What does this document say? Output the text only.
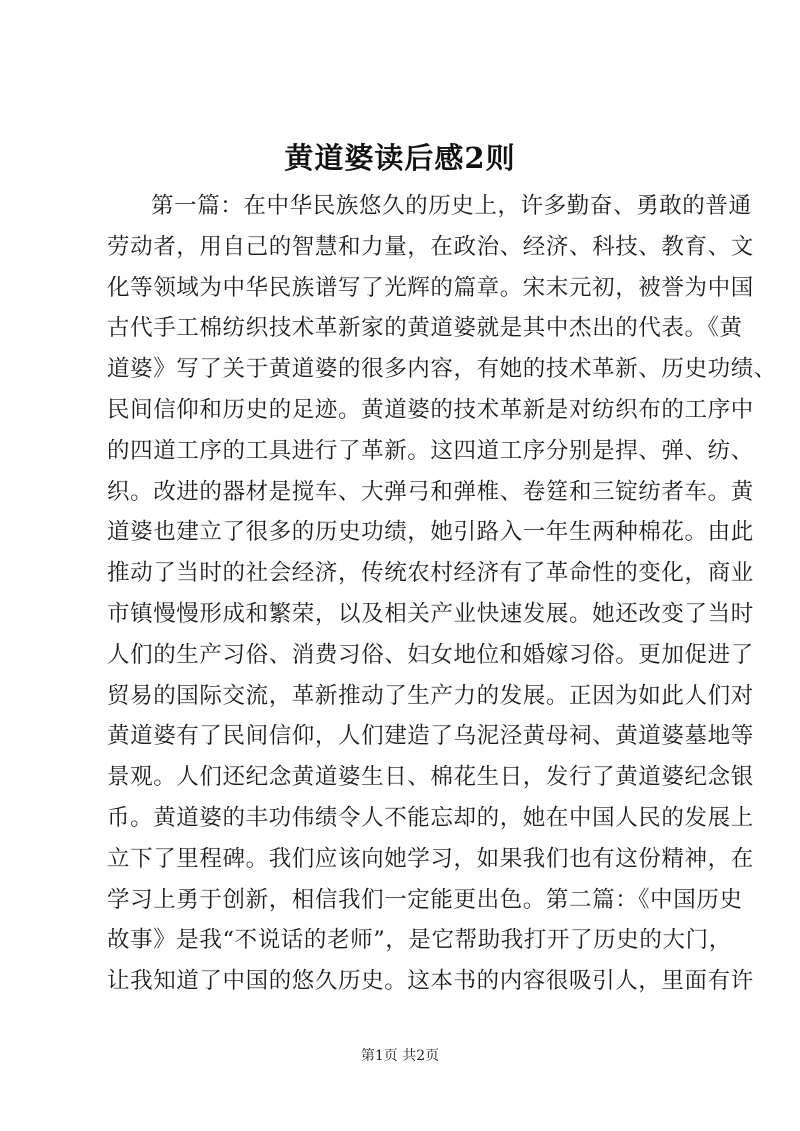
黄道婆读后感2则
第一篇：在中华民族悠久的历史上，许多勤奋、勇敢的普通
劳动者，用自己的智慧和力量，在政治、经济、科技、教育、文
化等领域为中华民族谱写了光辉的篇章。宋末元初，被誉为中国
古代手工棉纺织技术革新家的黄道婆就是其中杰出的代表。《黄
道婆》写了关于黄道婆的很多内容，有她的技术革新、历史功绩、
民间信仰和历史的足迹。黄道婆的技术革新是对纺织布的工序中
的四道工序的工具进行了革新。这四道工序分别是捍、弹、纺、
织。改进的器材是搅车、大弹弓和弹椎、卷筳和三锭纺者车。黄
道婆也建立了很多的历史功绩，她引路入一年生两种棉花。由此
推动了当时的社会经济，传统农村经济有了革命性的变化，商业
市镇慢慢形成和繁荣，以及相关产业快速发展。她还改变了当时
人们的生产习俗、消费习俗、妇女地位和婚嫁习俗。更加促进了
贸易的国际交流，革新推动了生产力的发展。正因为如此人们对
黄道婆有了民间信仰，人们建造了乌泥泾黄母祠、黄道婆墓地等
景观。人们还纪念黄道婆生日、棉花生日，发行了黄道婆纪念银
币。黄道婆的丰功伟绩令人不能忘却的，她在中国人民的发展上
立下了里程碑。我们应该向她学习，如果我们也有这份精神，在
学习上勇于创新，相信我们一定能更出色。第二篇：《中国历史
故事》是我“不说话的老师”，是它帮助我打开了历史的大门，
让我知道了中国的悠久历史。这本书的内容很吸引人，里面有许
第1页 共2页
